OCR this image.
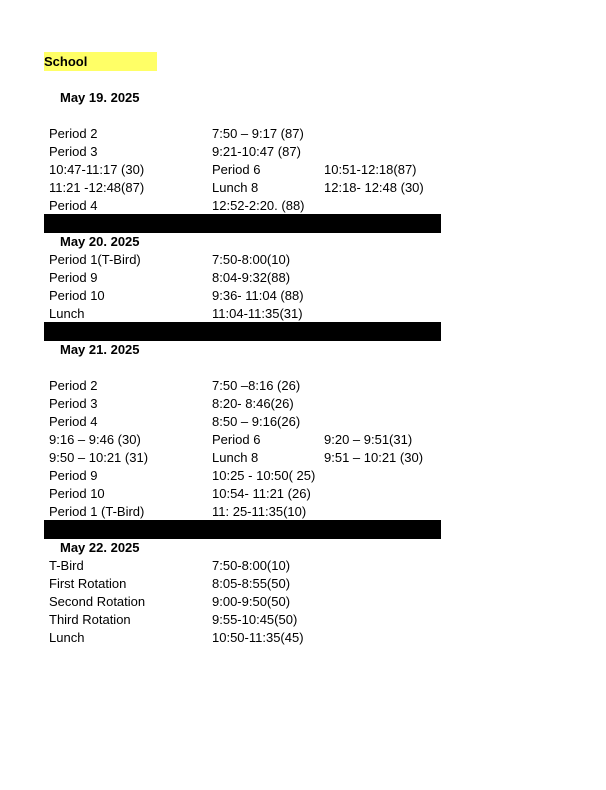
School
May 19. 2025
Period 2	7:50 – 9:17 (87)
Period 3	9:21-10:47 (87)
10:47-11:17 (30)	Period 6	10:51-12:18(87)
11:21 -12:48(87)	Lunch 8	12:18- 12:48 (30)
Period 4	12:52-2:20. (88)
May 20. 2025
Period 1(T-Bird)	7:50-8:00(10)
Period 9	8:04-9:32(88)
Period 10	9:36- 11:04 (88)
Lunch	11:04-11:35(31)
May 21. 2025
Period 2	7:50 –8:16 (26)
Period 3	8:20- 8:46(26)
Period 4	8:50 – 9:16(26)
9:16 – 9:46 (30)	Period 6	9:20 – 9:51(31)
9:50 – 10:21 (31)	Lunch 8	9:51 – 10:21 (30)
Period 9	10:25 - 10:50( 25)
Period 10	10:54- 11:21 (26)
Period 1 (T-Bird)	11: 25-11:35(10)
May 22. 2025
T-Bird	7:50-8:00(10)
First Rotation	8:05-8:55(50)
Second Rotation	9:00-9:50(50)
Third Rotation	9:55-10:45(50)
Lunch	10:50-11:35(45)
